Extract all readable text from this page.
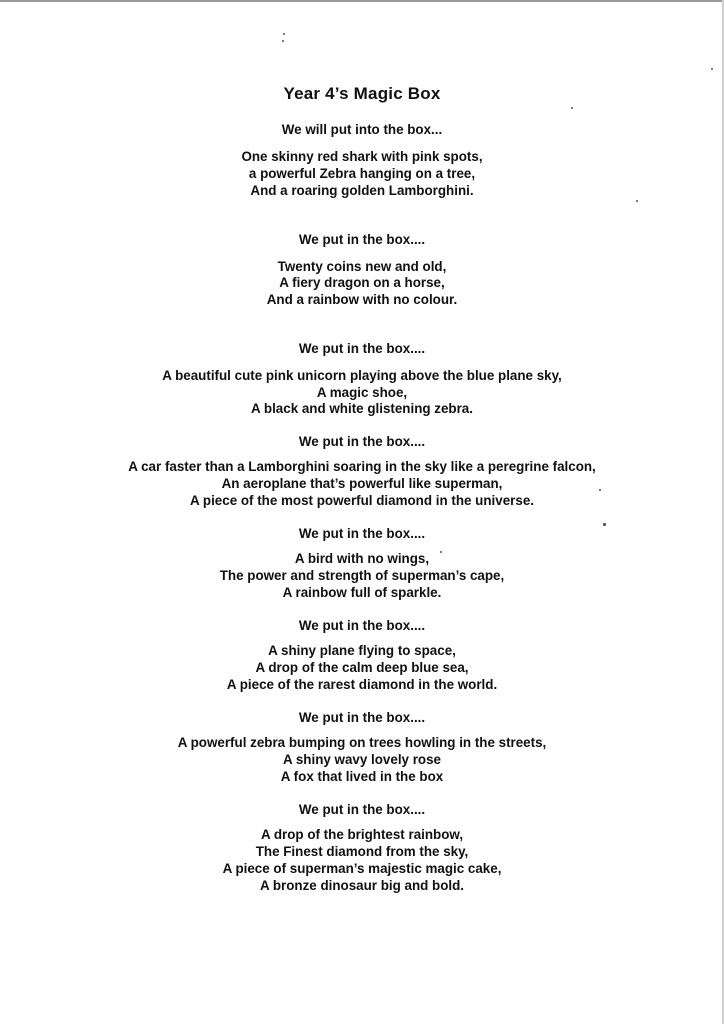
Year 4’s Magic Box
We will put into the box...
One skinny red shark with pink spots,
a powerful Zebra hanging on a tree,
And a roaring golden Lamborghini.
We put in the box....
Twenty coins new and old,
A fiery dragon on a horse,
And a rainbow with no colour.
We put in the box....
A beautiful cute pink unicorn playing above the blue plane sky,
A magic shoe,
A black and white glistening zebra.
We put in the box....
A car faster than a Lamborghini soaring in the sky like a peregrine falcon,
An aeroplane that’s powerful like superman,
A piece of the most powerful diamond in the universe.
We put in the box....
A bird with no wings,
The power and strength of superman’s cape,
A rainbow full of sparkle.
We put in the box....
A shiny plane flying to space,
A drop of the calm deep blue sea,
A piece of the rarest diamond in the world.
We put in the box....
A powerful zebra bumping on trees howling in the streets,
A shiny wavy lovely rose
A fox that lived in the box
We put in the box....
A drop of the brightest rainbow,
The Finest diamond from the sky,
A piece of superman’s majestic magic cake,
A bronze dinosaur big and bold.
